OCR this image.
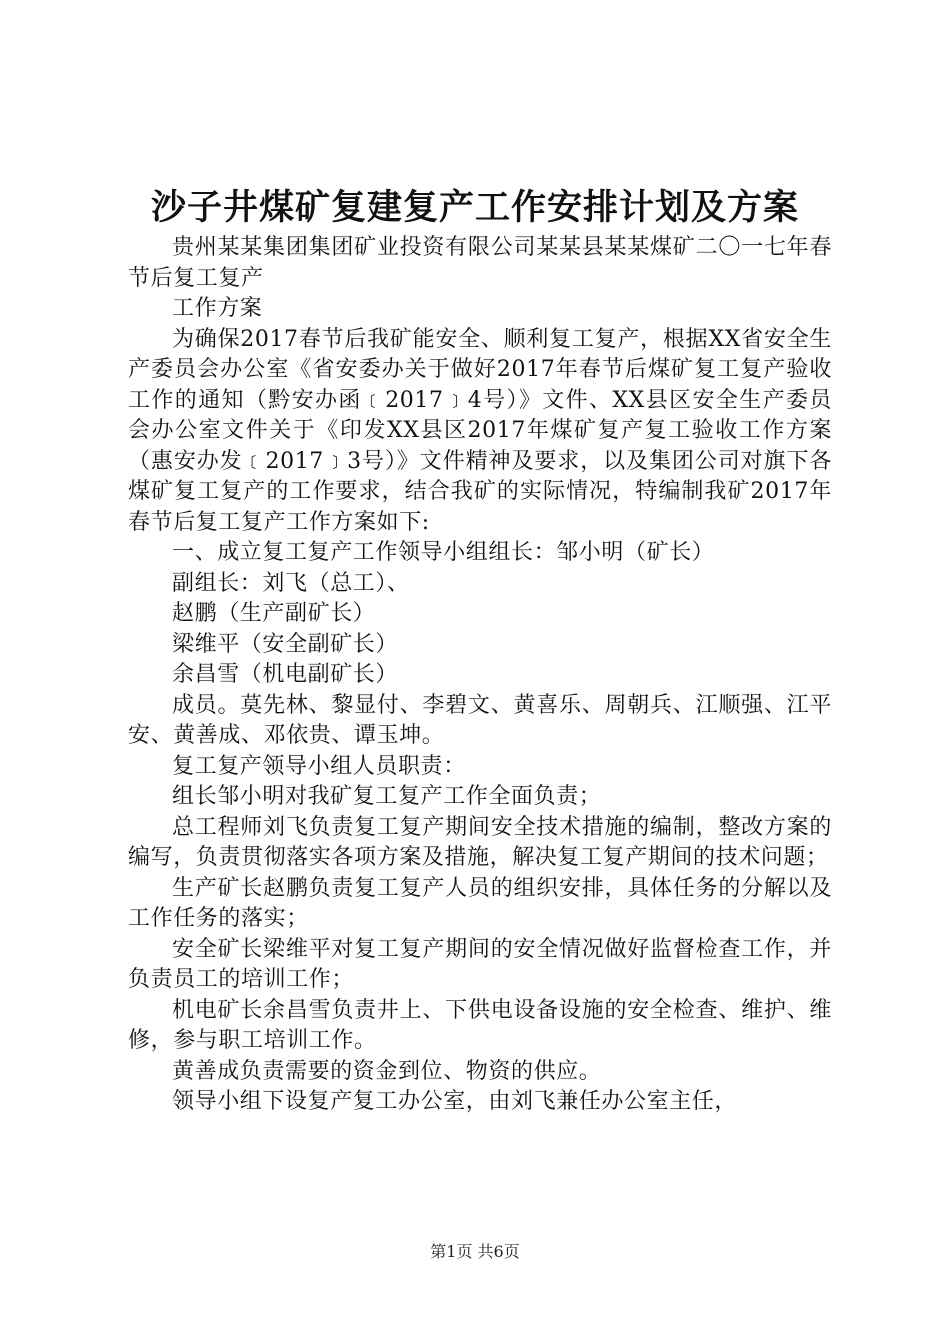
沙子井煤矿复建复产工作安排计划及方案

贵州某某集团集团矿业投资有限公司某某县某某煤矿二〇一七年春节后复工复产

工作方案

为确保2017春节后我矿能安全、顺利复工复产，根据XX省安全生产委员会办公室《省安委办关于做好2017年春节后煤矿复工复产验收工作的通知（黔安办函﹝2017﹞4号）》文件、XX县区安全生产委员会办公室文件关于《印发XX县区2017年煤矿复产复工验收工作方案（惠安办发﹝2017﹞3号）》文件精神及要求，以及集团公司对旗下各煤矿复工复产的工作要求，结合我矿的实际情况，特编制我矿2017年春节后复工复产工作方案如下:

一、成立复工复产工作领导小组组长：邹小明（矿长）

副组长：刘飞（总工）、

赵鹏（生产副矿长）

梁维平（安全副矿长）

余昌雪（机电副矿长）

成员。莫先林、黎显付、李碧文、黄喜乐、周朝兵、江顺强、江平安、黄善成、邓依贵、谭玉坤。

复工复产领导小组人员职责：

组长邹小明对我矿复工复产工作全面负责；

总工程师刘飞负责复工复产期间安全技术措施的编制，整改方案的编写，负责贯彻落实各项方案及措施，解决复工复产期间的技术问题；

生产矿长赵鹏负责复工复产人员的组织安排，具体任务的分解以及工作任务的落实；

安全矿长梁维平对复工复产期间的安全情况做好监督检查工作，并负责员工的培训工作；

机电矿长余昌雪负责井上、下供电设备设施的安全检查、维护、维修，参与职工培训工作。

黄善成负责需要的资金到位、物资的供应。

领导小组下设复产复工办公室，由刘飞兼任办公室主任，

第1页 共6页
